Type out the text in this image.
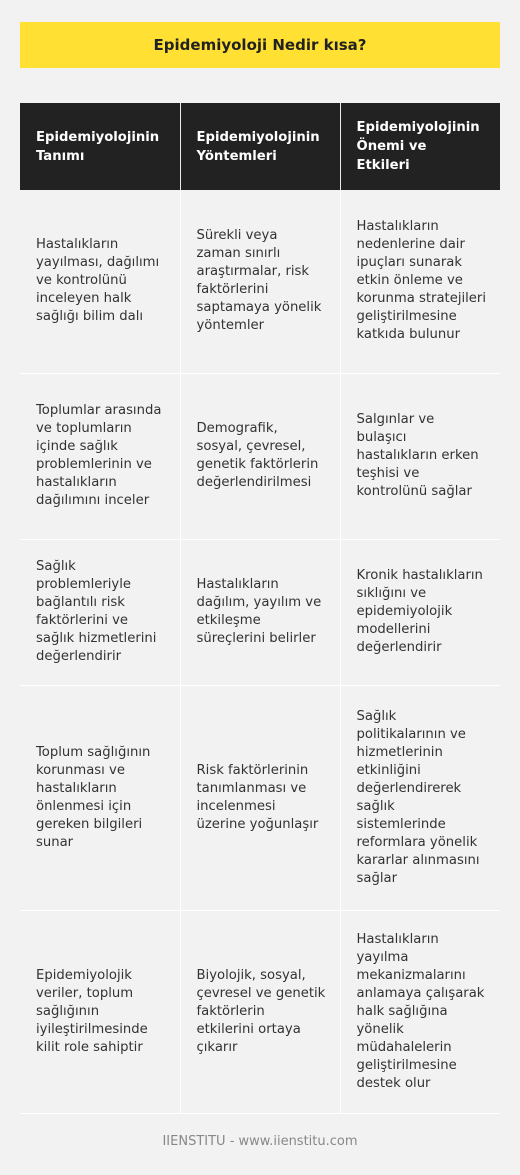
Epidemiyoloji Nedir kısa?
Epidemiyolojinin Tanımı	Epidemiyolojinin Yöntemleri	Epidemiyolojinin Önemi ve Etkileri
Hastalıkların yayılması, dağılımı ve kontrolünü inceleyen halk sağlığı bilim dalı	Sürekli veya zaman sınırlı araştırmalar, risk faktörlerini saptamaya yönelik yöntemler	Hastalıkların nedenlerine dair ipuçları sunarak etkin önleme ve korunma stratejileri geliştirilmesine katkıda bulunur
Toplumlar arasında ve toplumların içinde sağlık problemlerinin ve hastalıkların dağılımını inceler	Demografik, sosyal, çevresel, genetik faktörlerin değerlendirilmesi	Salgınlar ve bulaşıcı hastalıkların erken teşhisi ve kontrolünü sağlar
Sağlık problemleriyle bağlantılı risk faktörlerini ve sağlık hizmetlerini değerlendirir	Hastalıkların dağılım, yayılım ve etkileşme süreçlerini belirler	Kronik hastalıkların sıklığını ve epidemiyolojik modellerini değerlendirir
Toplum sağlığının korunması ve hastalıkların önlenmesi için gereken bilgileri sunar	Risk faktörlerinin tanımlanması ve incelenmesi üzerine yoğunlaşır	Sağlık politikalarının ve hizmetlerinin etkinliğini değerlendirerek sağlık sistemlerinde reformlara yönelik kararlar alınmasını sağlar
Epidemiyolojik veriler, toplum sağlığının iyileştirilmesinde kilit role sahiptir	Biyolojik, sosyal, çevresel ve genetik faktörlerin etkilerini ortaya çıkarır	Hastalıkların yayılma mekanizmalarını anlamaya çalışarak halk sağlığına yönelik müdahalelerin geliştirilmesine destek olur
IIENSTITU - www.iienstitu.com
